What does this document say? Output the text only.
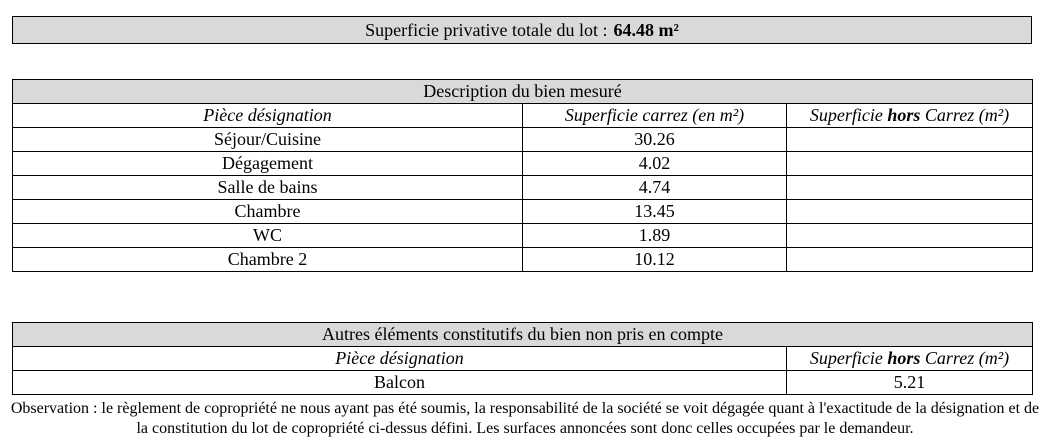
Superficie privative totale du lot : 64.48 m²
Description du bien mesuré		
Pièce désignation	Superficie carrez (en m²)	Superficie hors Carrez (m²)
Séjour/Cuisine	30.26	
Dégagement	4.02	
Salle de bains	4.74	
Chambre	13.45	
WC	1.89	
Chambre 2	10.12	
Autres éléments constitutifs du bien non pris en compte	
Pièce désignation	Superficie hors Carrez (m²)
Balcon	5.21
Observation : le règlement de copropriété ne nous ayant pas été soumis, la responsabilité de la société se voit dégagée quant à l'exactitude de la désignation et de la constitution du lot de copropriété ci-dessus défini. Les surfaces annoncées sont donc celles occupées par le demandeur.
